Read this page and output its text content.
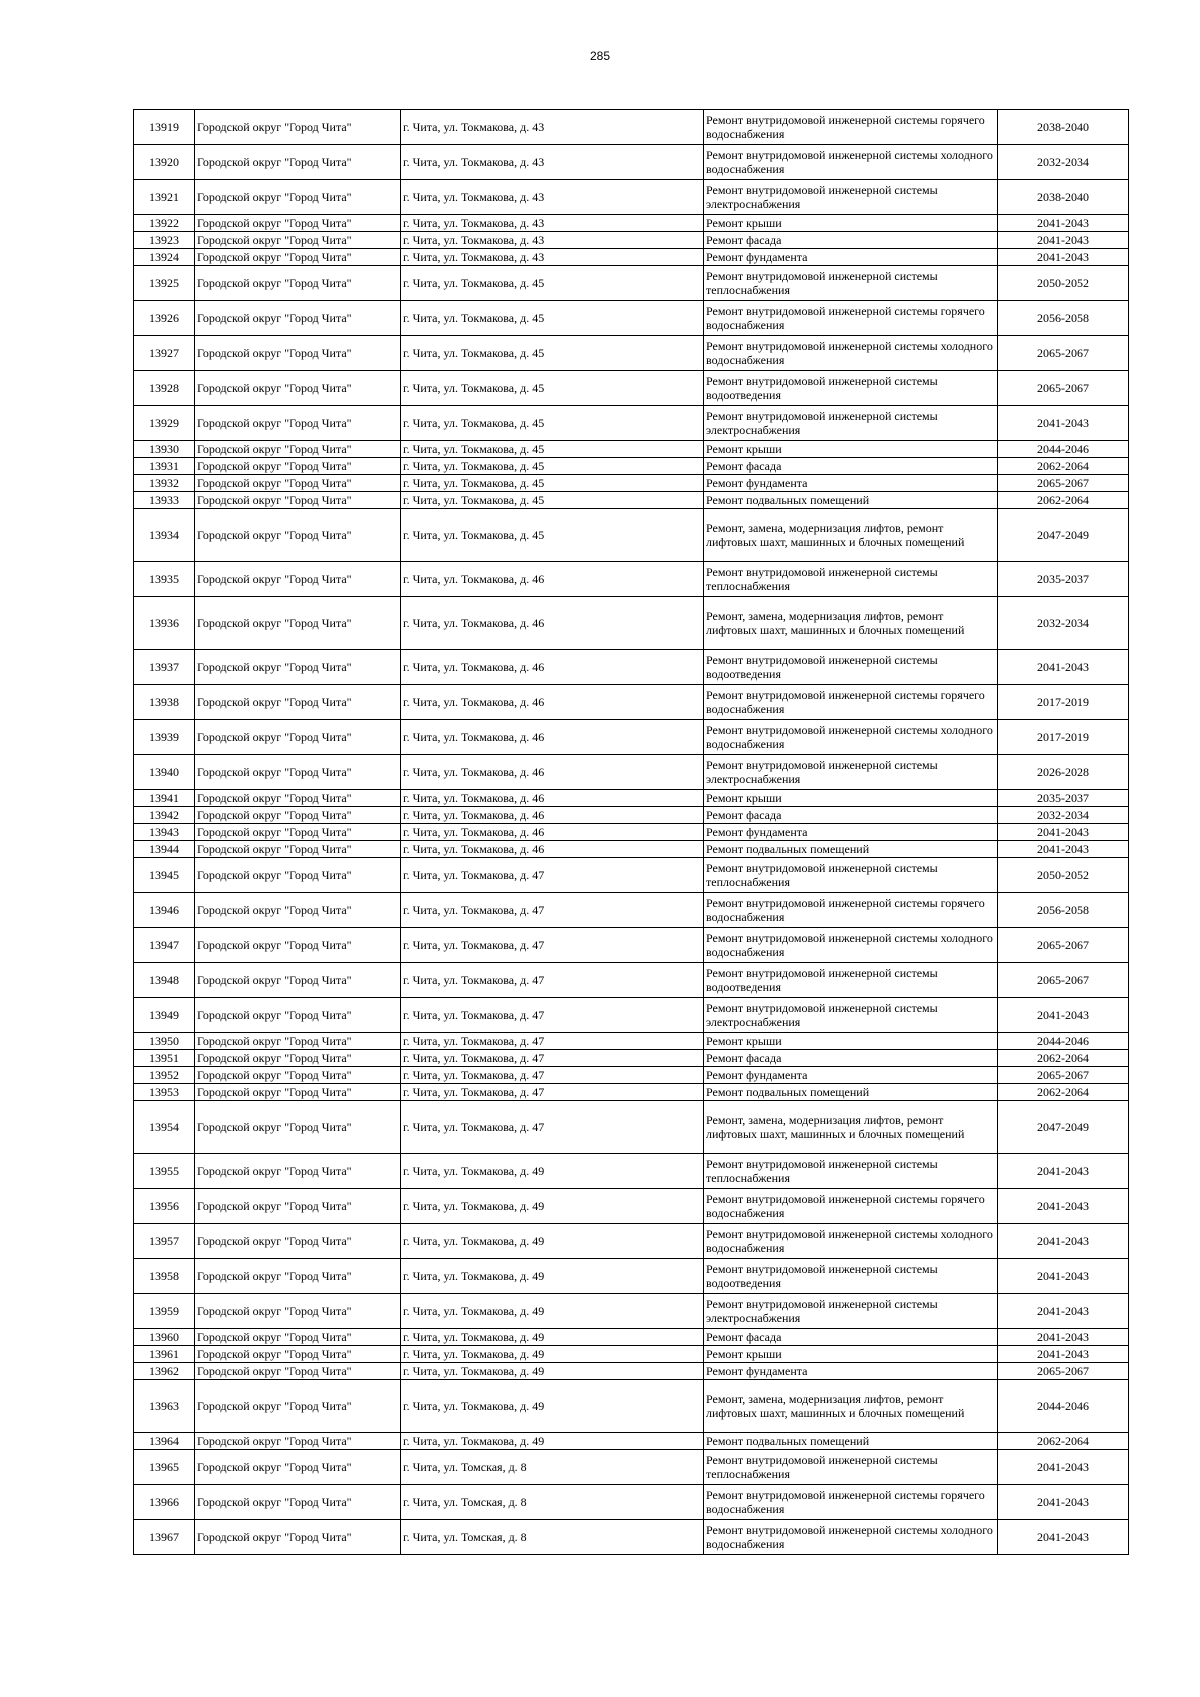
285
13919	Городской округ "Город Чита"	г. Чита, ул. Токмакова, д. 43	Ремонт внутридомовой инженерной системы горячего водоснабжения	2038-2040
13920	Городской округ "Город Чита"	г. Чита, ул. Токмакова, д. 43	Ремонт внутридомовой инженерной системы холодного водоснабжения	2032-2034
13921	Городской округ "Город Чита"	г. Чита, ул. Токмакова, д. 43	Ремонт внутридомовой инженерной системы электроснабжения	2038-2040
13922	Городской округ "Город Чита"	г. Чита, ул. Токмакова, д. 43	Ремонт крыши	2041-2043
13923	Городской округ "Город Чита"	г. Чита, ул. Токмакова, д. 43	Ремонт фасада	2041-2043
13924	Городской округ "Город Чита"	г. Чита, ул. Токмакова, д. 43	Ремонт фундамента	2041-2043
13925	Городской округ "Город Чита"	г. Чита, ул. Токмакова, д. 45	Ремонт внутридомовой инженерной системы теплоснабжения	2050-2052
13926	Городской округ "Город Чита"	г. Чита, ул. Токмакова, д. 45	Ремонт внутридомовой инженерной системы горячего водоснабжения	2056-2058
13927	Городской округ "Город Чита"	г. Чита, ул. Токмакова, д. 45	Ремонт внутридомовой инженерной системы холодного водоснабжения	2065-2067
13928	Городской округ "Город Чита"	г. Чита, ул. Токмакова, д. 45	Ремонт внутридомовой инженерной системы водоотведения	2065-2067
13929	Городской округ "Город Чита"	г. Чита, ул. Токмакова, д. 45	Ремонт внутридомовой инженерной системы электроснабжения	2041-2043
13930	Городской округ "Город Чита"	г. Чита, ул. Токмакова, д. 45	Ремонт крыши	2044-2046
13931	Городской округ "Город Чита"	г. Чита, ул. Токмакова, д. 45	Ремонт фасада	2062-2064
13932	Городской округ "Город Чита"	г. Чита, ул. Токмакова, д. 45	Ремонт фундамента	2065-2067
13933	Городской округ "Город Чита"	г. Чита, ул. Токмакова, д. 45	Ремонт подвальных помещений	2062-2064
13934	Городской округ "Город Чита"	г. Чита, ул. Токмакова, д. 45	Ремонт, замена, модернизация лифтов, ремонт лифтовых шахт, машинных и блочных помещений	2047-2049
13935	Городской округ "Город Чита"	г. Чита, ул. Токмакова, д. 46	Ремонт внутридомовой инженерной системы теплоснабжения	2035-2037
13936	Городской округ "Город Чита"	г. Чита, ул. Токмакова, д. 46	Ремонт, замена, модернизация лифтов, ремонт лифтовых шахт, машинных и блочных помещений	2032-2034
13937	Городской округ "Город Чита"	г. Чита, ул. Токмакова, д. 46	Ремонт внутридомовой инженерной системы водоотведения	2041-2043
13938	Городской округ "Город Чита"	г. Чита, ул. Токмакова, д. 46	Ремонт внутридомовой инженерной системы горячего водоснабжения	2017-2019
13939	Городской округ "Город Чита"	г. Чита, ул. Токмакова, д. 46	Ремонт внутридомовой инженерной системы холодного водоснабжения	2017-2019
13940	Городской округ "Город Чита"	г. Чита, ул. Токмакова, д. 46	Ремонт внутридомовой инженерной системы электроснабжения	2026-2028
13941	Городской округ "Город Чита"	г. Чита, ул. Токмакова, д. 46	Ремонт крыши	2035-2037
13942	Городской округ "Город Чита"	г. Чита, ул. Токмакова, д. 46	Ремонт фасада	2032-2034
13943	Городской округ "Город Чита"	г. Чита, ул. Токмакова, д. 46	Ремонт фундамента	2041-2043
13944	Городской округ "Город Чита"	г. Чита, ул. Токмакова, д. 46	Ремонт подвальных помещений	2041-2043
13945	Городской округ "Город Чита"	г. Чита, ул. Токмакова, д. 47	Ремонт внутридомовой инженерной системы теплоснабжения	2050-2052
13946	Городской округ "Город Чита"	г. Чита, ул. Токмакова, д. 47	Ремонт внутридомовой инженерной системы горячего водоснабжения	2056-2058
13947	Городской округ "Город Чита"	г. Чита, ул. Токмакова, д. 47	Ремонт внутридомовой инженерной системы холодного водоснабжения	2065-2067
13948	Городской округ "Город Чита"	г. Чита, ул. Токмакова, д. 47	Ремонт внутридомовой инженерной системы водоотведения	2065-2067
13949	Городской округ "Город Чита"	г. Чита, ул. Токмакова, д. 47	Ремонт внутридомовой инженерной системы электроснабжения	2041-2043
13950	Городской округ "Город Чита"	г. Чита, ул. Токмакова, д. 47	Ремонт крыши	2044-2046
13951	Городской округ "Город Чита"	г. Чита, ул. Токмакова, д. 47	Ремонт фасада	2062-2064
13952	Городской округ "Город Чита"	г. Чита, ул. Токмакова, д. 47	Ремонт фундамента	2065-2067
13953	Городской округ "Город Чита"	г. Чита, ул. Токмакова, д. 47	Ремонт подвальных помещений	2062-2064
13954	Городской округ "Город Чита"	г. Чита, ул. Токмакова, д. 47	Ремонт, замена, модернизация лифтов, ремонт лифтовых шахт, машинных и блочных помещений	2047-2049
13955	Городской округ "Город Чита"	г. Чита, ул. Токмакова, д. 49	Ремонт внутридомовой инженерной системы теплоснабжения	2041-2043
13956	Городской округ "Город Чита"	г. Чита, ул. Токмакова, д. 49	Ремонт внутридомовой инженерной системы горячего водоснабжения	2041-2043
13957	Городской округ "Город Чита"	г. Чита, ул. Токмакова, д. 49	Ремонт внутридомовой инженерной системы холодного водоснабжения	2041-2043
13958	Городской округ "Город Чита"	г. Чита, ул. Токмакова, д. 49	Ремонт внутридомовой инженерной системы водоотведения	2041-2043
13959	Городской округ "Город Чита"	г. Чита, ул. Токмакова, д. 49	Ремонт внутридомовой инженерной системы электроснабжения	2041-2043
13960	Городской округ "Город Чита"	г. Чита, ул. Токмакова, д. 49	Ремонт фасада	2041-2043
13961	Городской округ "Город Чита"	г. Чита, ул. Токмакова, д. 49	Ремонт крыши	2041-2043
13962	Городской округ "Город Чита"	г. Чита, ул. Токмакова, д. 49	Ремонт фундамента	2065-2067
13963	Городской округ "Город Чита"	г. Чита, ул. Токмакова, д. 49	Ремонт, замена, модернизация лифтов, ремонт лифтовых шахт, машинных и блочных помещений	2044-2046
13964	Городской округ "Город Чита"	г. Чита, ул. Токмакова, д. 49	Ремонт подвальных помещений	2062-2064
13965	Городской округ "Город Чита"	г. Чита, ул. Томская, д. 8	Ремонт внутридомовой инженерной системы теплоснабжения	2041-2043
13966	Городской округ "Город Чита"	г. Чита, ул. Томская, д. 8	Ремонт внутридомовой инженерной системы горячего водоснабжения	2041-2043
13967	Городской округ "Город Чита"	г. Чита, ул. Томская, д. 8	Ремонт внутридомовой инженерной системы холодного водоснабжения	2041-2043
